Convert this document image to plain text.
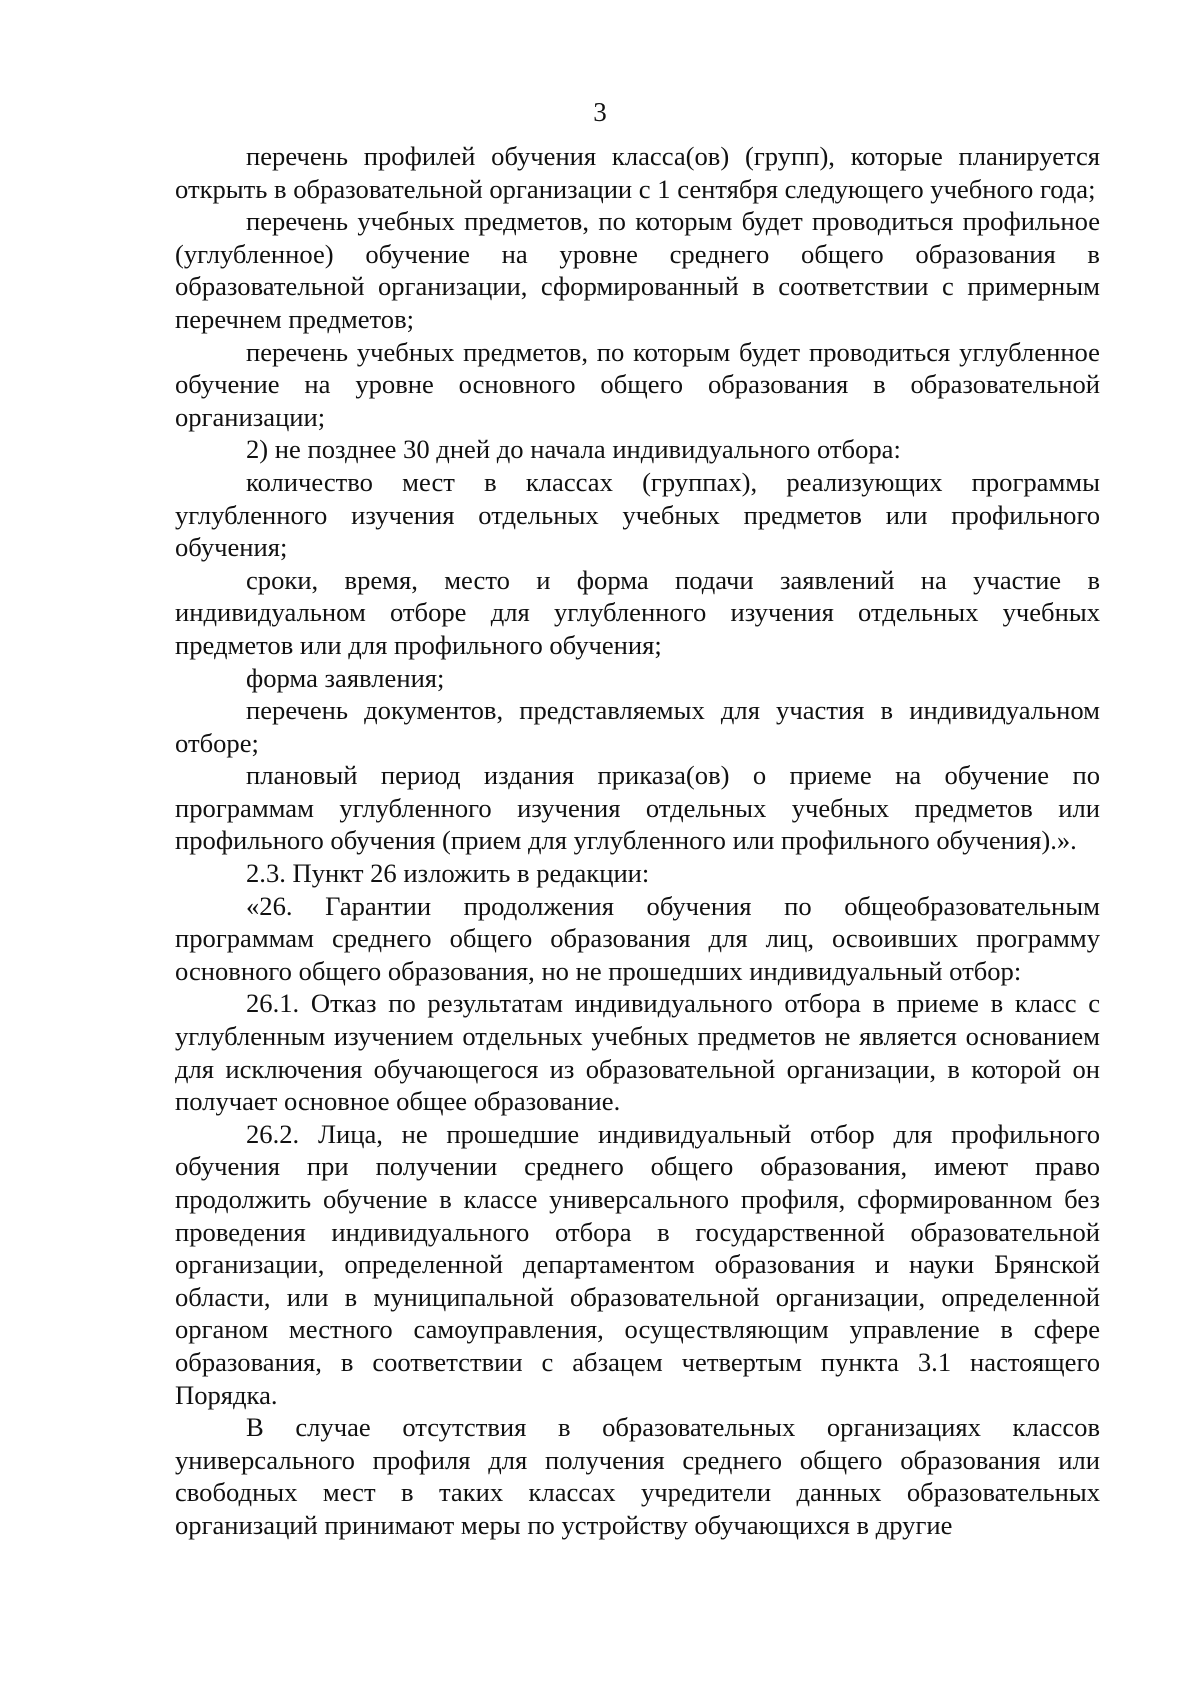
3

перечень профилей обучения класса(ов) (групп), которые планируется открыть в образовательной организации с 1 сентября следующего учебного года;

перечень учебных предметов, по которым будет проводиться профильное (углубленное) обучение на уровне среднего общего образования в образовательной организации, сформированный в соответствии с примерным перечнем предметов;

перечень учебных предметов, по которым будет проводиться углубленное обучение на уровне основного общего образования в образовательной организации;

2) не позднее 30 дней до начала индивидуального отбора:

количество мест в классах (группах), реализующих программы углубленного изучения отдельных учебных предметов или профильного обучения;

сроки, время, место и форма подачи заявлений на участие в индивидуальном отборе для углубленного изучения отдельных учебных предметов или для профильного обучения;

форма заявления;

перечень документов, представляемых для участия в индивидуальном отборе;

плановый период издания приказа(ов) о приеме на обучение по программам углубленного изучения отдельных учебных предметов или профильного обучения (прием для углубленного или профильного обучения).».

2.3. Пункт 26 изложить в редакции:

«26. Гарантии продолжения обучения по общеобразовательным программам среднего общего образования для лиц, освоивших программу основного общего образования, но не прошедших индивидуальный отбор:

26.1. Отказ по результатам индивидуального отбора в приеме в класс с углубленным изучением отдельных учебных предметов не является основанием для исключения обучающегося из образовательной организации, в которой он получает основное общее образование.

26.2. Лица, не прошедшие индивидуальный отбор для профильного обучения при получении среднего общего образования, имеют право продолжить обучение в классе универсального профиля, сформированном без проведения индивидуального отбора в государственной образовательной организации, определенной департаментом образования и науки Брянской области, или в муниципальной образовательной организации, определенной органом местного самоуправления, осуществляющим управление в сфере образования, в соответствии с абзацем четвертым пункта 3.1 настоящего Порядка.

В случае отсутствия в образовательных организациях классов универсального профиля для получения среднего общего образования или свободных мест в таких классах учредители данных образовательных организаций принимают меры по устройству обучающихся в другие
